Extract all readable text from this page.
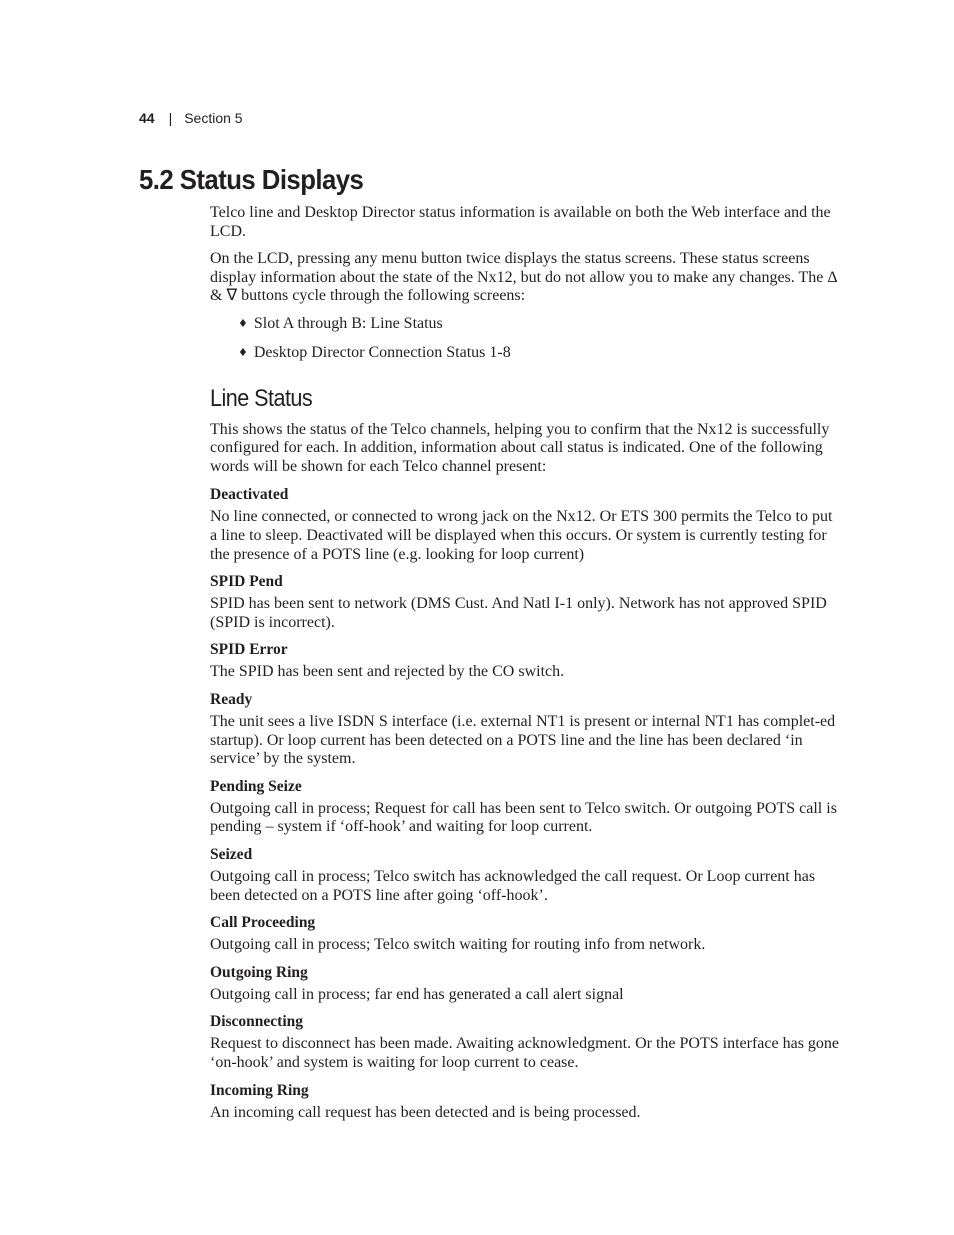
44 | Section 5
5.2 Status Displays

Telco line and Desktop Director status information is available on both the Web interface and the LCD.

On the LCD, pressing any menu button twice displays the status screens. These status screens display information about the state of the Nx12, but do not allow you to make any changes. The Δ & ∇ buttons cycle through the following screens:

♦ Slot A through B: Line Status
♦ Desktop Director Connection Status 1-8
Line Status

This shows the status of the Telco channels, helping you to confirm that the Nx12 is successfully configured for each. In addition, information about call status is indicated. One of the following words will be shown for each Telco channel present:

Deactivated
No line connected, or connected to wrong jack on the Nx12. Or ETS 300 permits the Telco to put a line to sleep. Deactivated will be displayed when this occurs. Or system is currently testing for the presence of a POTS line (e.g. looking for loop current)
SPID Pend
SPID has been sent to network (DMS Cust. And Natl I-1 only). Network has not approved SPID (SPID is incorrect).
SPID Error
The SPID has been sent and rejected by the CO switch.
Ready
The unit sees a live ISDN S interface (i.e. external NT1 is present or internal NT1 has complet-ed startup). Or loop current has been detected on a POTS line and the line has been declared ‘in service’ by the system.
Pending Seize
Outgoing call in process; Request for call has been sent to Telco switch. Or outgoing POTS call is pending – system if ‘off-hook’ and waiting for loop current.
Seized
Outgoing call in process; Telco switch has acknowledged the call request. Or Loop current has been detected on a POTS line after going ‘off-hook’.
Call Proceeding
Outgoing call in process; Telco switch waiting for routing info from network.
Outgoing Ring
Outgoing call in process; far end has generated a call alert signal
Disconnecting
Request to disconnect has been made. Awaiting acknowledgment. Or the POTS interface has gone ‘on-hook’ and system is waiting for loop current to cease.
Incoming Ring
An incoming call request has been detected and is being processed.
